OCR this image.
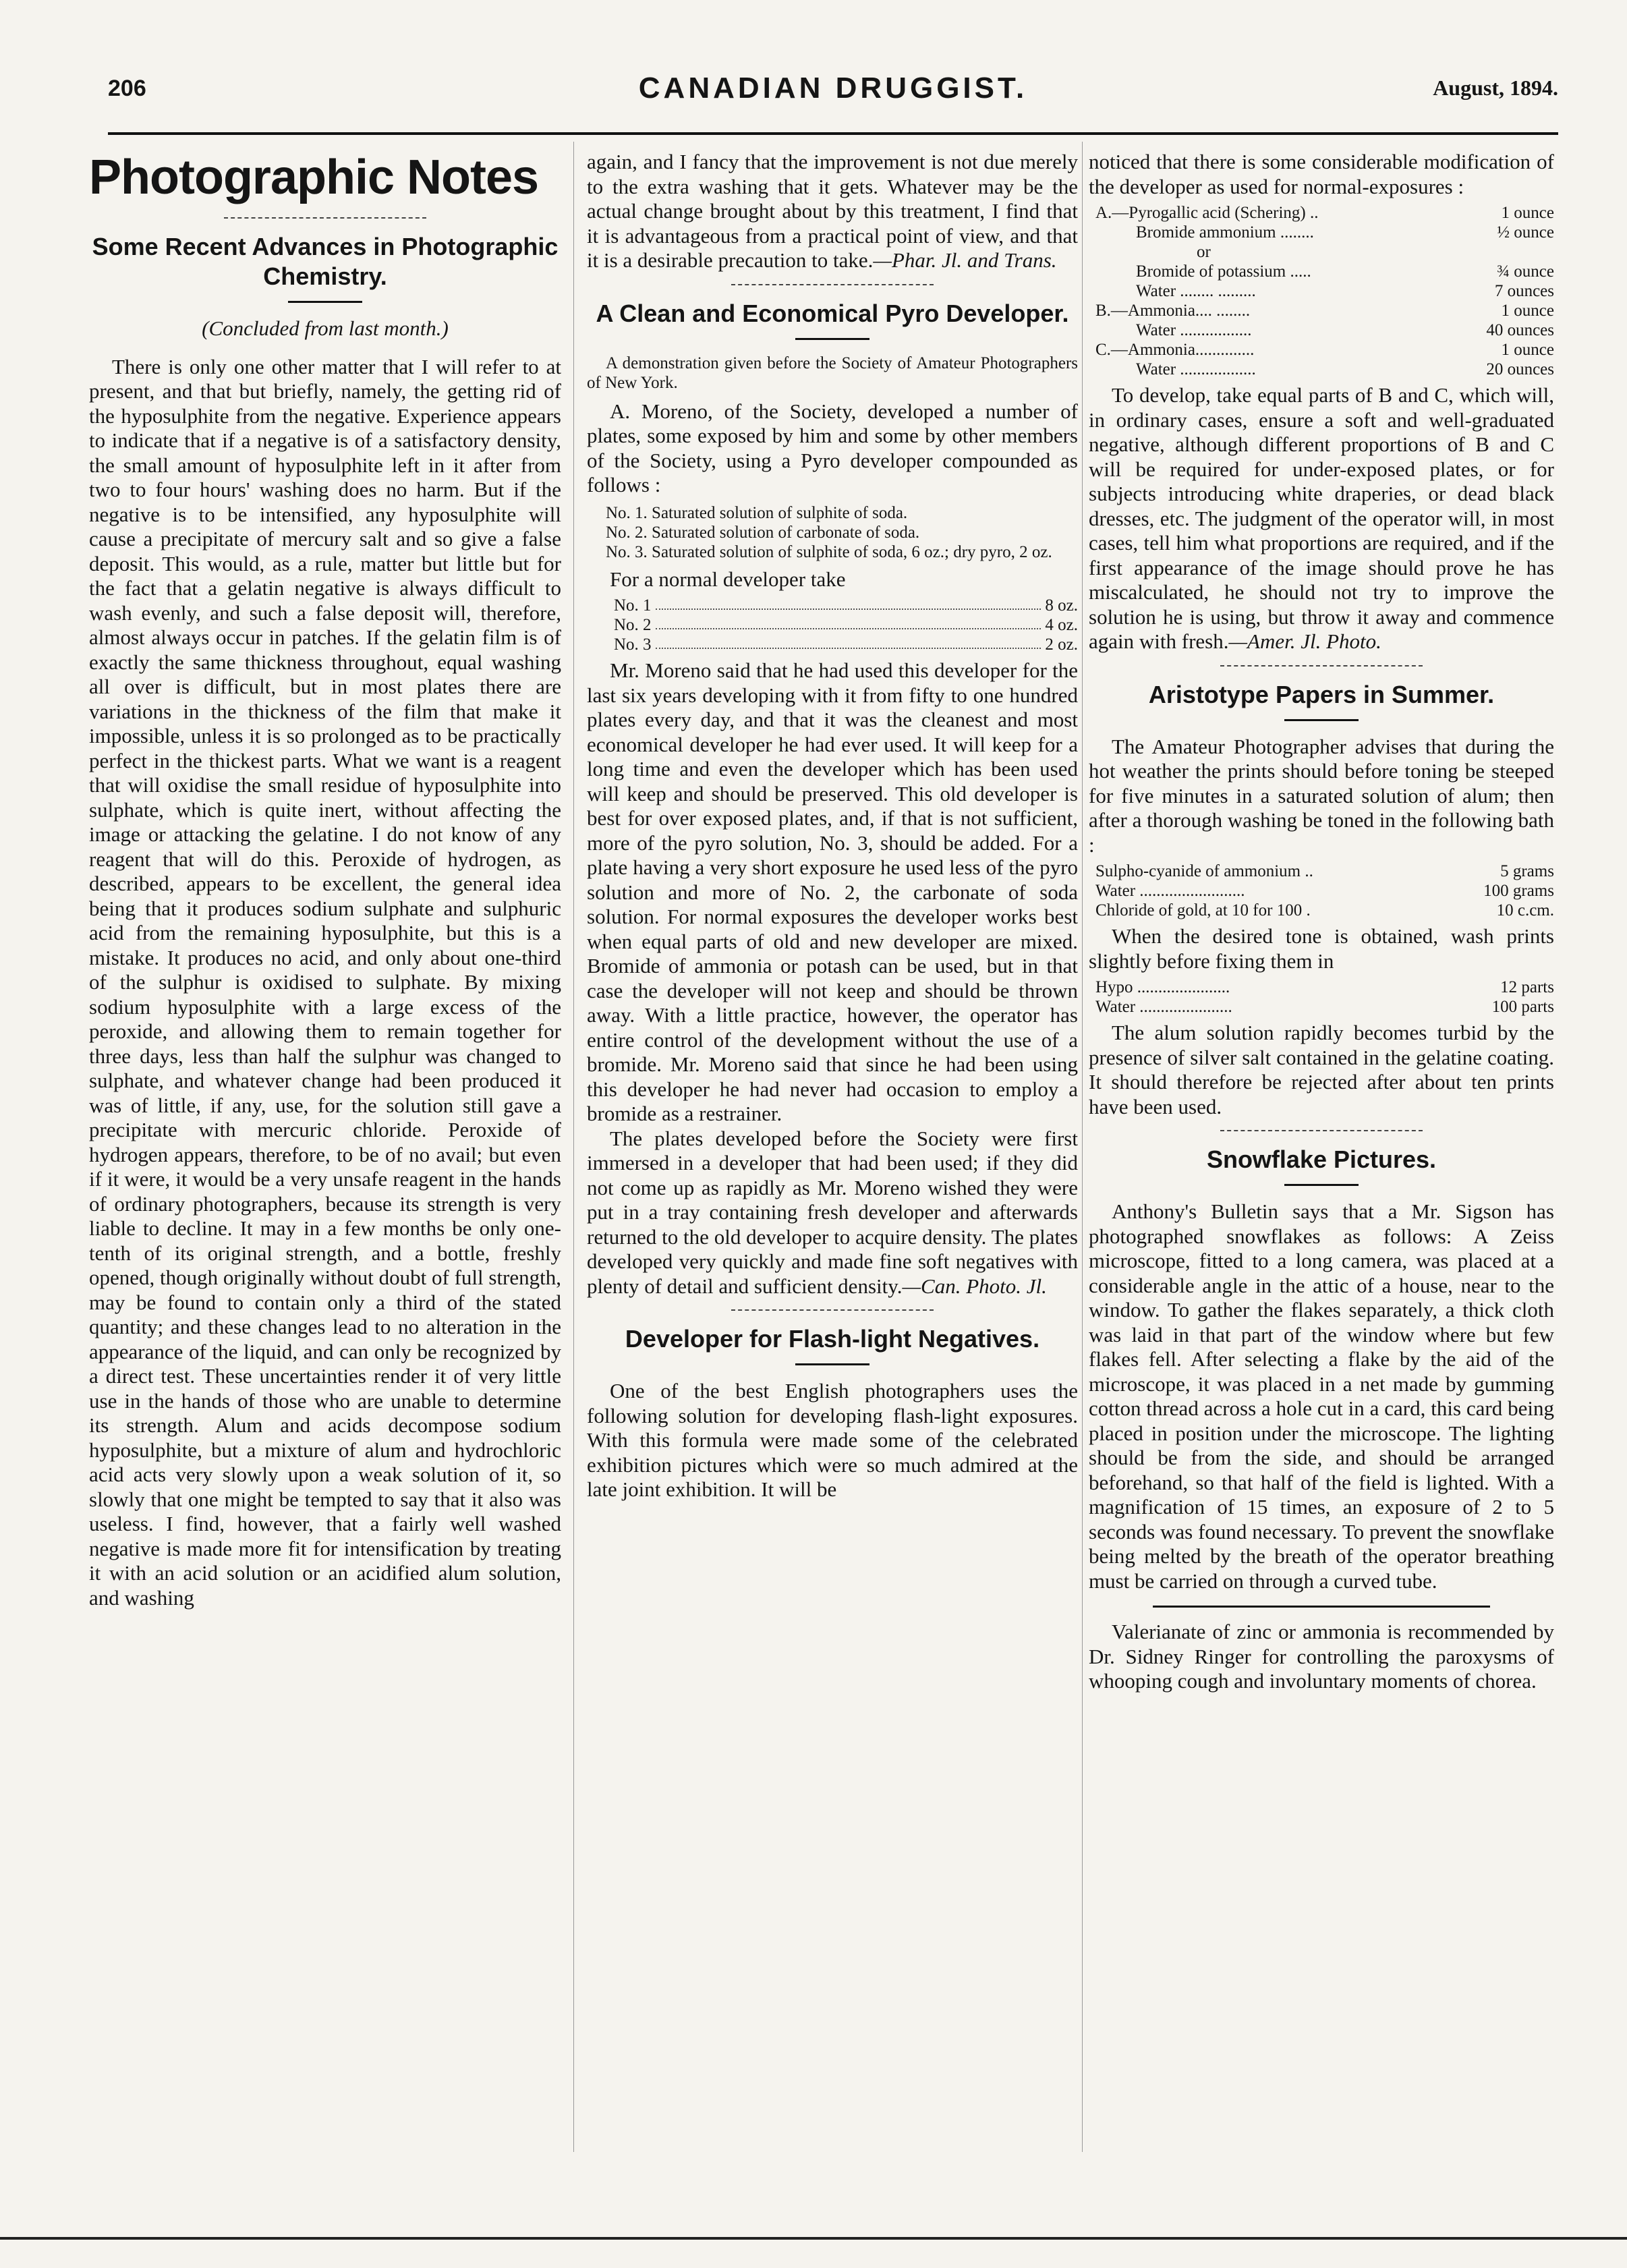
206	CANADIAN DRUGGIST.	August, 1894.
Photographic Notes
Some Recent Advances in Photographic Chemistry.
(Concluded from last month.)

There is only one other matter that I will refer to at present, and that but briefly, namely, the getting rid of the hyposulphite from the negative. Experience appears to indicate that if a negative is of a satisfactory density, the small amount of hyposulphite left in it after from two to four hours' washing does no harm. But if the negative is to be intensified, any hyposulphite will cause a precipitate of mercury salt and so give a false deposit. This would, as a rule, matter but little but for the fact that a gelatin negative is always difficult to wash evenly, and such a false deposit will, therefore, almost always occur in patches. If the gelatin film is of exactly the same thickness throughout, equal washing all over is difficult, but in most plates there are variations in the thickness of the film that make it impossible, unless it is so prolonged as to be practically perfect in the thickest parts. What we want is a reagent that will oxidise the small residue of hyposulphite into sulphate, which is quite inert, without affecting the image or attacking the gelatine. I do not know of any reagent that will do this. Peroxide of hydrogen, as described, appears to be excellent, the general idea being that it produces sodium sulphate and sulphuric acid from the remaining hyposulphite, but this is a mistake. It produces no acid, and only about one-third of the sulphur is oxidised to sulphate. By mixing sodium hyposulphite with a large excess of the peroxide, and allowing them to remain together for three days, less than half the sulphur was changed to sulphate, and whatever change had been produced it was of little, if any, use, for the solution still gave a precipitate with mercuric chloride. Peroxide of hydrogen appears, therefore, to be of no avail; but even if it were, it would be a very unsafe reagent in the hands of ordinary photographers, because its strength is very liable to decline. It may in a few months be only one-tenth of its original strength, and a bottle, freshly opened, though originally without doubt of full strength, may be found to contain only a third of the stated quantity; and these changes lead to no alteration in the appearance of the liquid, and can only be recognized by a direct test. These uncertainties render it of very little use in the hands of those who are unable to determine its strength. Alum and acids decompose sodium hyposulphite, but a mixture of alum and hydrochloric acid acts very slowly upon a weak solution of it, so slowly that one might be tempted to say that it also was useless. I find, however, that a fairly well washed negative is made more fit for intensification by treating it with an acid solution or an acidified alum solution, and washing

again, and I fancy that the improvement is not due merely to the extra washing that it gets. Whatever may be the actual change brought about by this treatment, I find that it is advantageous from a practical point of view, and that it is a desirable precaution to take.—Phar. Jl. and Trans.

A Clean and Economical Pyro Developer.

A demonstration given before the Society of Amateur Photographers of New York.

A. Moreno, of the Society, developed a number of plates, some exposed by him and some by other members of the Society, using a Pyro developer compounded as follows :

No. 1. Saturated solution of sulphite of soda.

No. 2. Saturated solution of carbonate of soda.

No. 3. Saturated solution of sulphite of soda, 6 oz.; dry pyro, 2 oz.

For a normal developer take

No. 1	8 oz.
No. 2	4 oz.
No. 3	2 oz.

Mr. Moreno said that he had used this developer for the last six years developing with it from fifty to one hundred plates every day, and that it was the cleanest and most economical developer he had ever used. It will keep for a long time and even the developer which has been used will keep and should be preserved. This old developer is best for over exposed plates, and, if that is not sufficient, more of the pyro solution, No. 3, should be added. For a plate having a very short exposure he used less of the pyro solution and more of No. 2, the carbonate of soda solution. For normal exposures the developer works best when equal parts of old and new developer are mixed. Bromide of ammonia or potash can be used, but in that case the developer will not keep and should be thrown away. With a little practice, however, the operator has entire control of the development without the use of a bromide. Mr. Moreno said that since he had been using this developer he had never had occasion to employ a bromide as a restrainer.

The plates developed before the Society were first immersed in a developer that had been used; if they did not come up as rapidly as Mr. Moreno wished they were put in a tray containing fresh developer and afterwards returned to the old developer to acquire density. The plates developed very quickly and made fine soft negatives with plenty of detail and sufficient density.—Can. Photo. Jl.

Developer for Flash-light Negatives.

One of the best English photographers uses the following solution for developing flash-light exposures. With this formula were made some of the celebrated exhibition pictures which were so much admired at the late joint exhibition. It will be

noticed that there is some considerable modification of the developer as used for normal-exposures :

A.—Pyrogallic acid (Schering) ..	1 ounce
Bromide ammonium ........	½ ounce
or
Bromide of potassium .....	¾ ounce
Water ........ .........	7 ounces
B.—Ammonia.... ........	1 ounce
Water .................	40 ounces
C.—Ammonia..............	1 ounce
Water ..................	20 ounces

To develop, take equal parts of B and C, which will, in ordinary cases, ensure a soft and well-graduated negative, although different proportions of B and C will be required for under-exposed plates, or for subjects introducing white draperies, or dead black dresses, etc. The judgment of the operator will, in most cases, tell him what proportions are required, and if the first appearance of the image should prove he has miscalculated, he should not try to improve the solution he is using, but throw it away and commence again with fresh.—Amer. Jl. Photo.

Aristotype Papers in Summer.

The Amateur Photographer advises that during the hot weather the prints should before toning be steeped for five minutes in a saturated solution of alum; then after a thorough washing be toned in the following bath :

Sulpho-cyanide of ammonium ..	5 grams
Water .........................	100 grams
Chloride of gold, at 10 for 100 .	10 c.cm.

When the desired tone is obtained, wash prints slightly before fixing them in

Hypo ......................	12 parts
Water ......................	100 parts

The alum solution rapidly becomes turbid by the presence of silver salt contained in the gelatine coating. It should therefore be rejected after about ten prints have been used.

Snowflake Pictures.

Anthony's Bulletin says that a Mr. Sigson has photographed snowflakes as follows: A Zeiss microscope, fitted to a long camera, was placed at a considerable angle in the attic of a house, near to the window. To gather the flakes separately, a thick cloth was laid in that part of the window where but few flakes fell. After selecting a flake by the aid of the microscope, it was placed in a net made by gumming cotton thread across a hole cut in a card, this card being placed in position under the microscope. The lighting should be from the side, and should be arranged beforehand, so that half of the field is lighted. With a magnification of 15 times, an exposure of 2 to 5 seconds was found necessary. To prevent the snowflake being melted by the breath of the operator breathing must be carried on through a curved tube.

Valerianate of zinc or ammonia is recommended by Dr. Sidney Ringer for controlling the paroxysms of whooping cough and involuntary moments of chorea.
